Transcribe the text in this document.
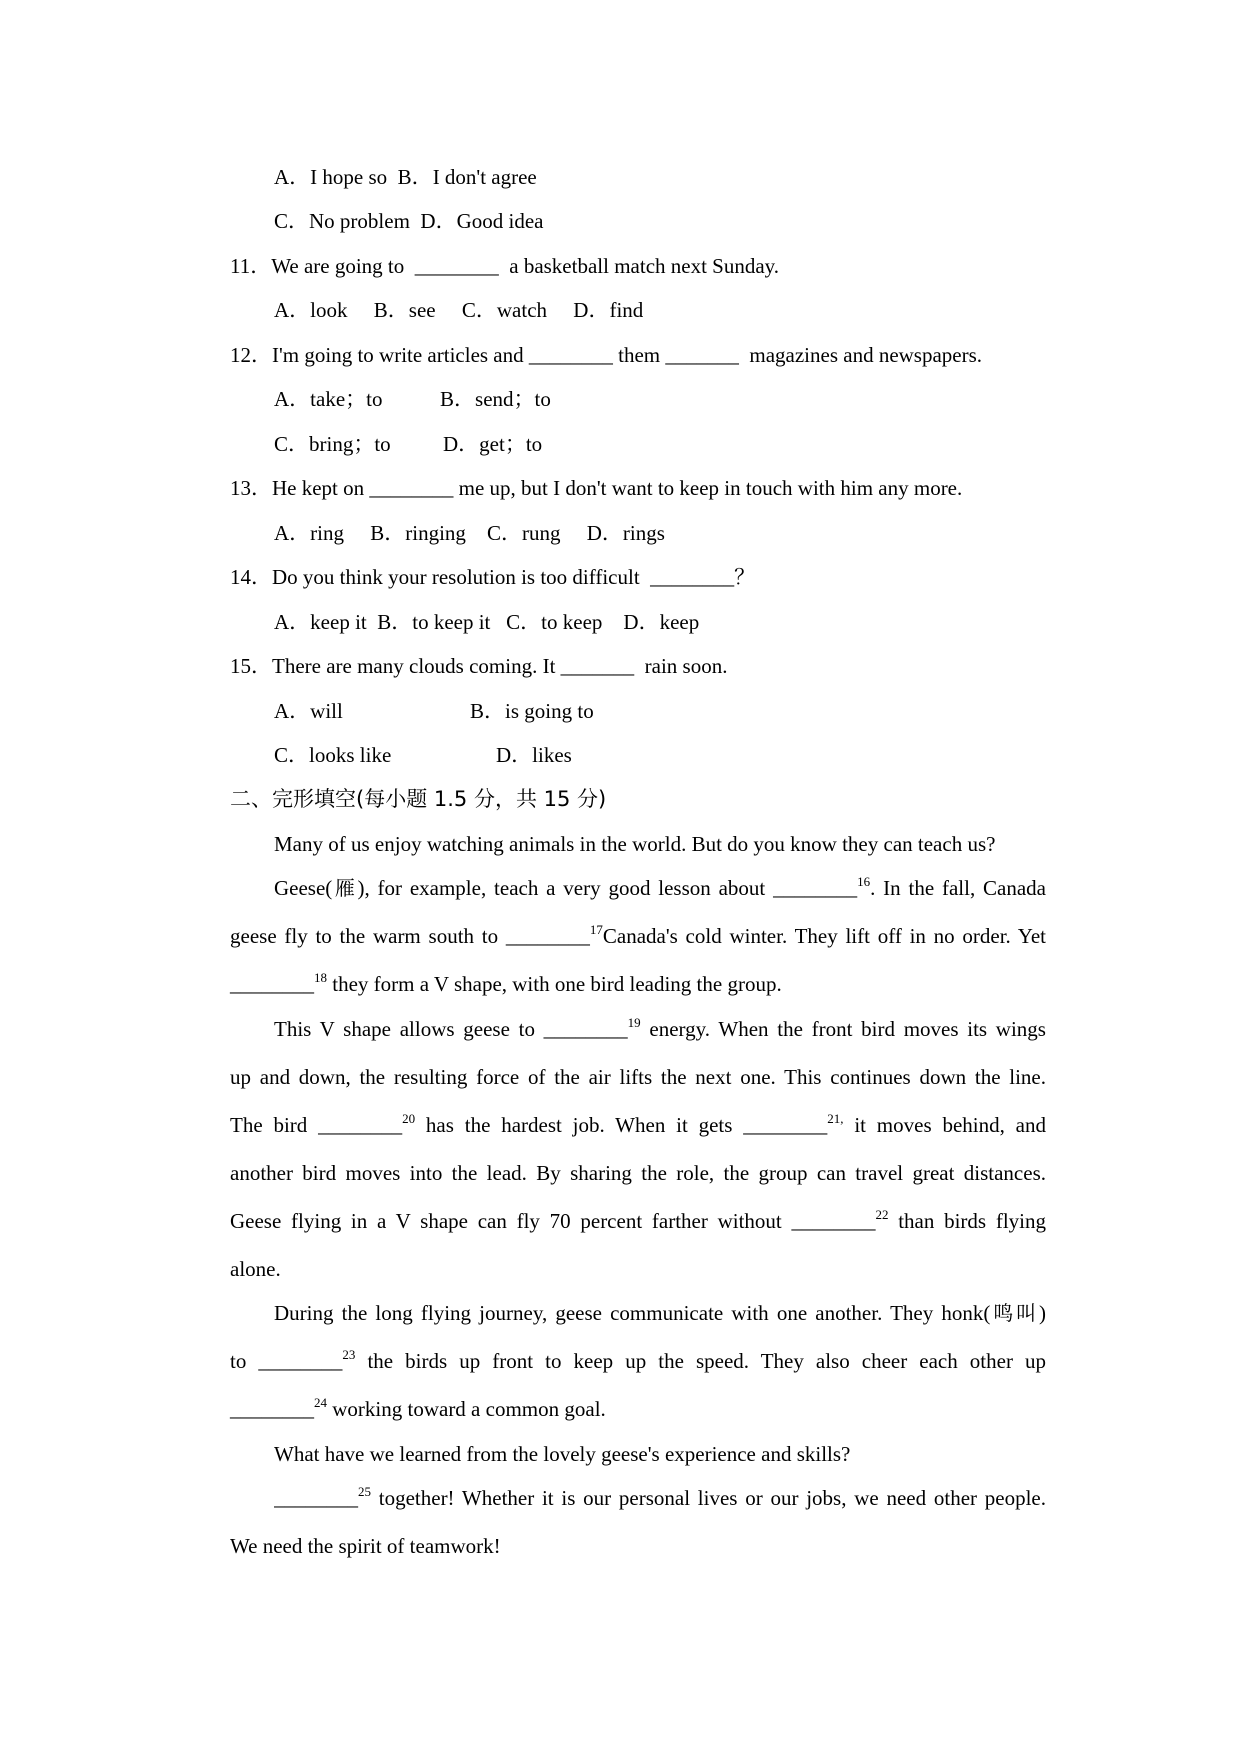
A．I hope so B．I don't agree
C．No problem D．Good idea
11．We are going to  ________  a basketball match next Sunday.
A．look B．see C．watch D．find
12．I'm going to write articles and ________ them _______  magazines and newspapers.
A．take；to	B．send；to
C．bring；to D．get；to
13．He kept on ________ me up, but I don't want to keep in touch with him any more.
A．ring B．ringing C．rung D．rings
14．Do you think your resolution is too difficult  ________？
A．keep it B．to keep it C．to keep D．keep
15．There are many clouds coming. It _______  rain soon.
A．will	B．is going to
C．looks like	D．likes
二、完形填空(每小题 1.5 分，共 15 分)
Many of us enjoy watching animals in the world. But do you know they can teach us?
Geese(雁), for example, teach a very good lesson about ________$^{16}$. In the fall, Canada
geese fly to the warm south to ________$^{17}$Canada's cold winter. They lift off in no order. Yet
________$^{18}$ they form a V shape, with one bird leading the group.
This V shape allows geese to ________$^{19}$ energy. When the front bird moves its wings
up and down, the resulting force of the air lifts the next one. This continues down the line.
The bird ________$^{20}$ has the hardest job. When it gets ________$^{21,}$ it moves behind, and
another bird moves into the lead. By sharing the role, the group can travel great distances.
Geese flying in a V shape can fly 70 percent farther without ________$^{22}$ than birds flying
alone.
During the long flying journey, geese communicate with one another. They honk(鸣叫)
to ________$^{23}$ the birds up front to keep up the speed. They also cheer each other up
________$^{24}$ working toward a common goal.
What have we learned from the lovely geese's experience and skills?
________$^{25}$ together! Whether it is our personal lives or our jobs, we need other people.
We need the spirit of teamwork!
